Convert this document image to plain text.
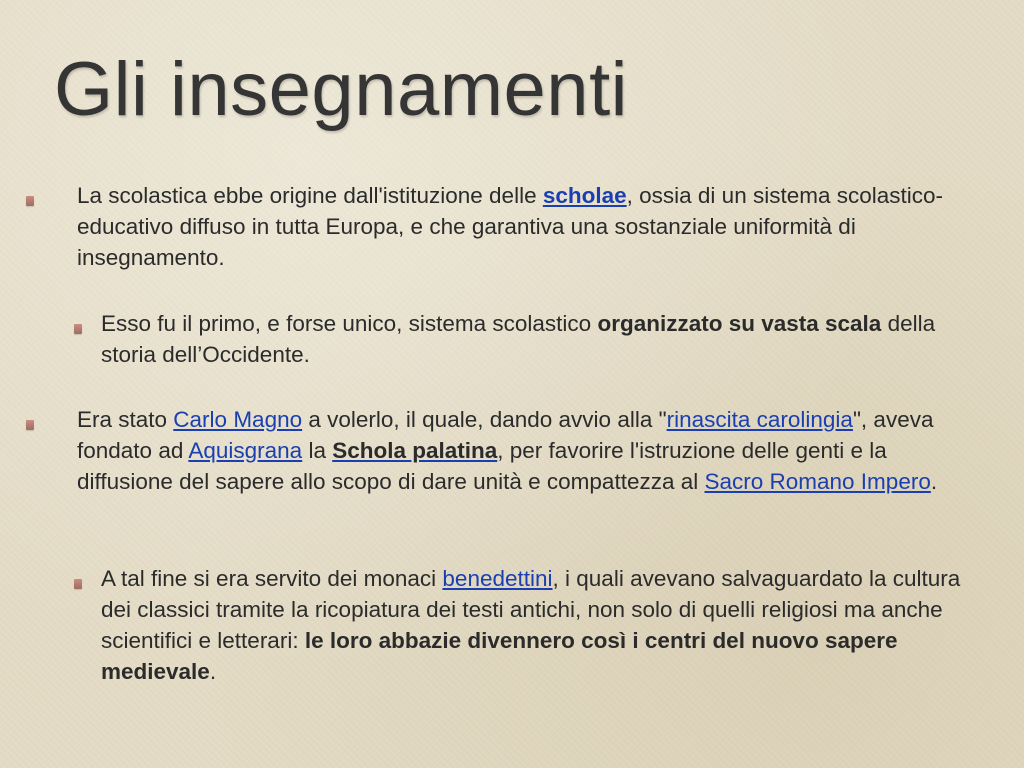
Gli insegnamenti
La scolastica ebbe origine dall'istituzione delle scholae, ossia di un sistema scolastico-educativo diffuso in tutta Europa, e che garantiva una sostanziale uniformità di insegnamento.
Esso fu il primo, e forse unico, sistema scolastico organizzato su vasta scala della storia dell’Occidente.
Era stato Carlo Magno a volerlo, il quale, dando avvio alla "rinascita carolingia", aveva fondato ad Aquisgrana la Schola palatina, per favorire l'istruzione delle genti e la diffusione del sapere allo scopo di dare unità e compattezza al Sacro Romano Impero.
A tal fine si era servito dei monaci benedettini, i quali avevano salvaguardato la cultura dei classici tramite la ricopiatura dei testi antichi, non solo di quelli religiosi ma anche scientifici e letterari: le loro abbazie divennero così i centri del nuovo sapere medievale.
